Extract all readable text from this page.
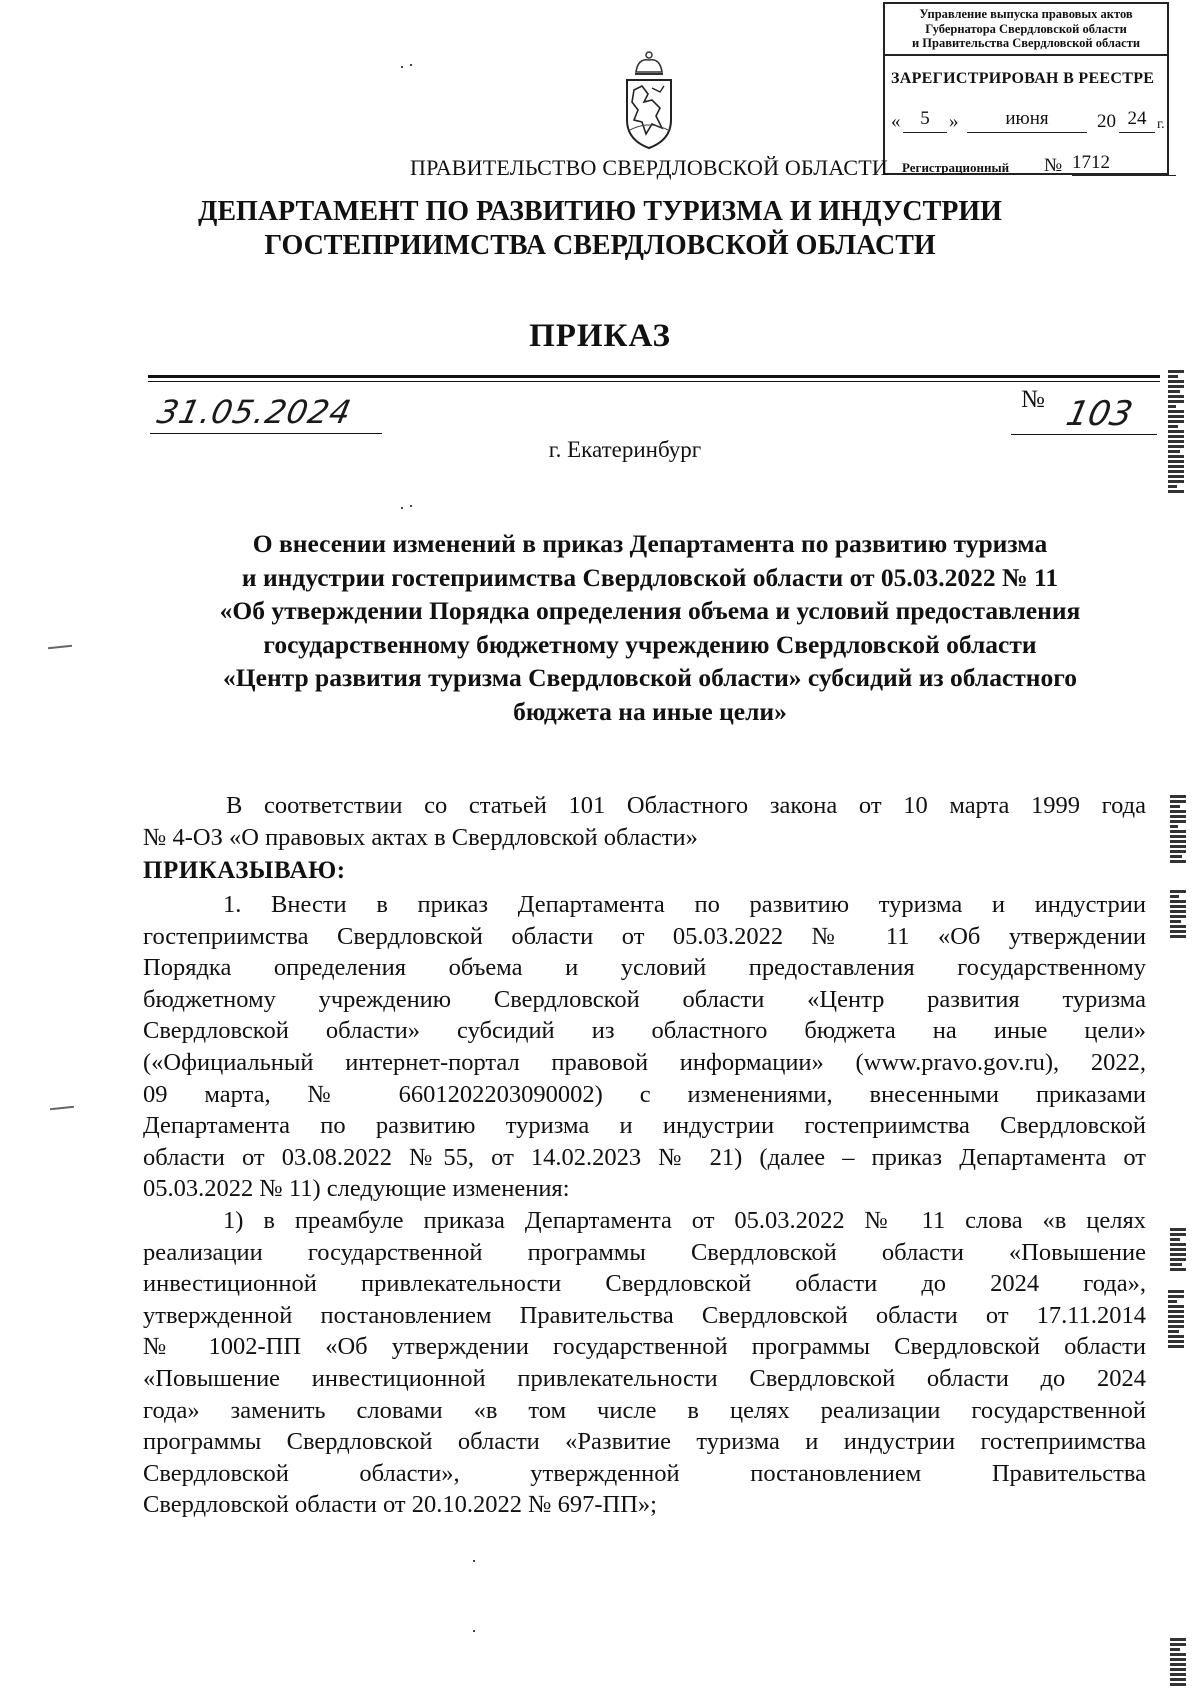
Управление выпуска правовых актов
Губернатора Свердловской области
и Правительства Свердловской области
ЗАРЕГИСТРИРОВАН В РЕЕСТРЕ
«	5	»	июня	20 24 г.
Регистрационный № 1712
ПРАВИТЕЛЬСТВО СВЕРДЛОВСКОЙ ОБЛАСТИ
ДЕПАРТАМЕНТ ПО РАЗВИТИЮ ТУРИЗМА И ИНДУСТРИИ
ГОСТЕПРИИМСТВА СВЕРДЛОВСКОЙ ОБЛАСТИ
ПРИКАЗ
31.05.2024	№ 103
г. Екатеринбург
О внесении изменений в приказ Департамента по развитию туризма
и индустрии гостеприимства Свердловской области от 05.03.2022 № 11
«Об утверждении Порядка определения объема и условий предоставления
государственному бюджетному учреждению Свердловской области
«Центр развития туризма Свердловской области» субсидий из областного
бюджета на иные цели»

В соответствии со статьей 101 Областного закона от 10 марта 1999 года

№ 4-ОЗ «О правовых актах в Свердловской области»

ПРИКАЗЫВАЮ:

1. Внести в приказ Департамента по развитию туризма и индустрии

гостеприимства Свердловской области от 05.03.2022 № 11 «Об утверждении

Порядка определения объема и условий предоставления государственному

бюджетному учреждению Свердловской области «Центр развития туризма

Свердловской области» субсидий из областного бюджета на иные цели»

(«Официальный интернет-портал правовой информации» (www.pravo.gov.ru), 2022,

09 марта, № 6601202203090002) с изменениями, внесенными приказами

Департамента по развитию туризма и индустрии гостеприимства Свердловской

области от 03.08.2022 №55, от 14.02.2023 № 21) (далее – приказ Департамента от

05.03.2022 № 11) следующие изменения:

1) в преамбуле приказа Департамента от 05.03.2022 № 11 слова «в целях

реализации государственной программы Свердловской области «Повышение

инвестиционной привлекательности Свердловской области до 2024 года»,

утвержденной постановлением Правительства Свердловской области от 17.11.2014

№ 1002-ПП «Об утверждении государственной программы Свердловской области

«Повышение инвестиционной привлекательности Свердловской области до 2024

года» заменить словами «в том числе в целях реализации государственной

программы Свердловской области «Развитие туризма и индустрии гостеприимства

Свердловской области», утвержденной постановлением Правительства

Свердловской области от 20.10.2022 № 697-ПП»;
